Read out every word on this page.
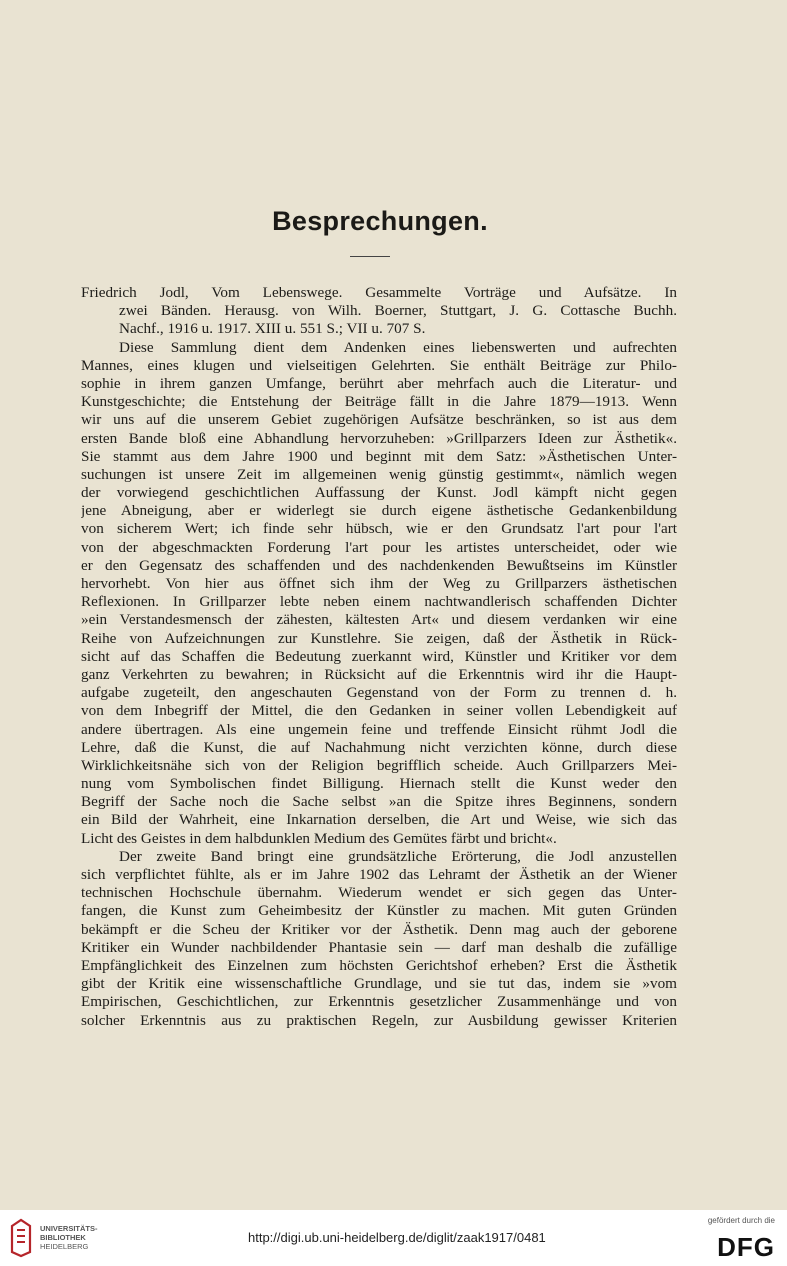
Besprechungen.
Friedrich Jodl, Vom Lebenswege. Gesammelte Vorträge und Aufsätze. In
zwei Bänden. Herausg. von Wilh. Boerner, Stuttgart, J. G. Cottasche Buchh.
Nachf., 1916 u. 1917. XIII u. 551 S.; VII u. 707 S.
Diese Sammlung dient dem Andenken eines liebenswerten und aufrechten
Mannes, eines klugen und vielseitigen Gelehrten. Sie enthält Beiträge zur Philo-
sophie in ihrem ganzen Umfange, berührt aber mehrfach auch die Literatur- und
Kunstgeschichte; die Entstehung der Beiträge fällt in die Jahre 1879—1913. Wenn
wir uns auf die unserem Gebiet zugehörigen Aufsätze beschränken, so ist aus dem
ersten Bande bloß eine Abhandlung hervorzuheben: »Grillparzers Ideen zur Ästhetik«.
Sie stammt aus dem Jahre 1900 und beginnt mit dem Satz: »Ästhetischen Unter-
suchungen ist unsere Zeit im allgemeinen wenig günstig gestimmt«, nämlich wegen
der vorwiegend geschichtlichen Auffassung der Kunst. Jodl kämpft nicht gegen
jene Abneigung, aber er widerlegt sie durch eigene ästhetische Gedankenbildung
von sicherem Wert; ich finde sehr hübsch, wie er den Grundsatz l'art pour l'art
von der abgeschmackten Forderung l'art pour les artistes unterscheidet, oder wie
er den Gegensatz des schaffenden und des nachdenkenden Bewußtseins im Künstler
hervorhebt. Von hier aus öffnet sich ihm der Weg zu Grillparzers ästhetischen
Reflexionen. In Grillparzer lebte neben einem nachtwandlerisch schaffenden Dichter
»ein Verstandesmensch der zähesten, kältesten Art« und diesem verdanken wir eine
Reihe von Aufzeichnungen zur Kunstlehre. Sie zeigen, daß der Ästhetik in Rück-
sicht auf das Schaffen die Bedeutung zuerkannt wird, Künstler und Kritiker vor dem
ganz Verkehrten zu bewahren; in Rücksicht auf die Erkenntnis wird ihr die Haupt-
aufgabe zugeteilt, den angeschauten Gegenstand von der Form zu trennen d. h.
von dem Inbegriff der Mittel, die den Gedanken in seiner vollen Lebendigkeit auf
andere übertragen. Als eine ungemein feine und treffende Einsicht rühmt Jodl die
Lehre, daß die Kunst, die auf Nachahmung nicht verzichten könne, durch diese
Wirklichkeitsnähe sich von der Religion begrifflich scheide. Auch Grillparzers Mei-
nung vom Symbolischen findet Billigung. Hiernach stellt die Kunst weder den
Begriff der Sache noch die Sache selbst »an die Spitze ihres Beginnens, sondern
ein Bild der Wahrheit, eine Inkarnation derselben, die Art und Weise, wie sich das
Licht des Geistes in dem halbdunklen Medium des Gemütes färbt und bricht«.
Der zweite Band bringt eine grundsätzliche Erörterung, die Jodl anzustellen
sich verpflichtet fühlte, als er im Jahre 1902 das Lehramt der Ästhetik an der Wiener
technischen Hochschule übernahm. Wiederum wendet er sich gegen das Unter-
fangen, die Kunst zum Geheimbesitz der Künstler zu machen. Mit guten Gründen
bekämpft er die Scheu der Kritiker vor der Ästhetik. Denn mag auch der geborene
Kritiker ein Wunder nachbildender Phantasie sein — darf man deshalb die zufällige
Empfänglichkeit des Einzelnen zum höchsten Gerichtshof erheben? Erst die Ästhetik
gibt der Kritik eine wissenschaftliche Grundlage, und sie tut das, indem sie »vom
Empirischen, Geschichtlichen, zur Erkenntnis gesetzlicher Zusammenhänge und von
solcher Erkenntnis aus zu praktischen Regeln, zur Ausbildung gewisser Kriterien
UNIVERSITÄTS-
BIBLIOTHEK
HEIDELBERG
http://digi.ub.uni-heidelberg.de/diglit/zaak1917/0481
gefördert durch die
DFG
